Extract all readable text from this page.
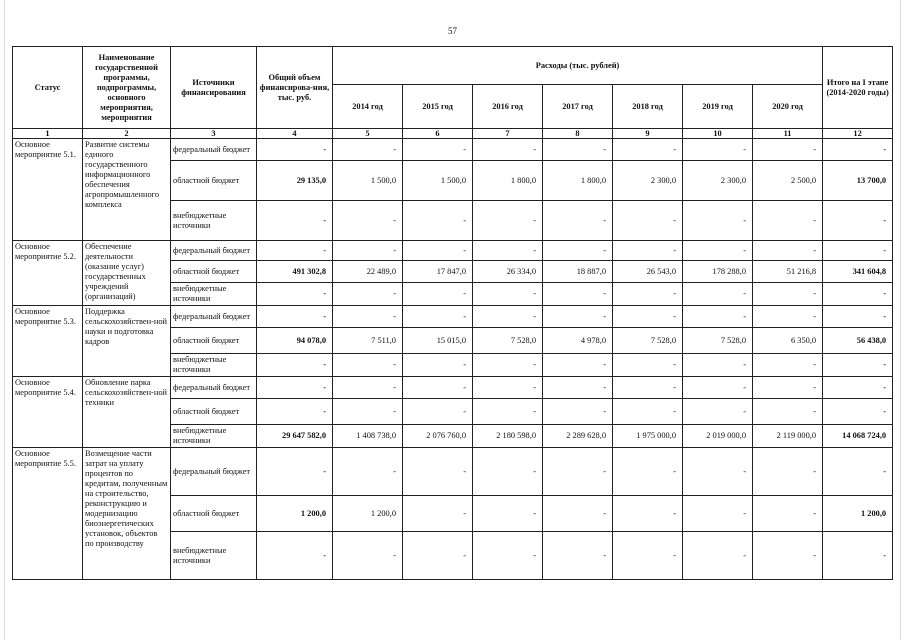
57
Статус	Наименование государственной программы, подпрограммы, основного мероприятия, мероприятия	Источники финансирования	Общий объем финансирова-ния, тыс. руб.	Расходы (тыс. рублей)							Итого на I этапе (2014-2020 годы)
				2014 год	2015 год	2016 год	2017 год	2018 год	2019 год	2020 год	
1	2	3	4	5	6	7	8	9	10	11	12
Основное мероприятие 5.1.	Развитие системы единого государственного информационного обеспечения агропромышленного комплекса	федеральный бюджет	-	-	-	-	-	-	-	-	-
		областной бюджет	29 135,0	1 500,0	1 500,0	1 800,0	1 800,0	2 300,0	2 300,0	2 500,0	13 700,0
		внебюджетные источники	-	-	-	-	-	-	-	-	-
Основное мероприятие 5.2.	Обеспечение деятельности (оказание услуг) государственных учреждений (организаций)	федеральный бюджет	-	-	-	-	-	-	-	-	-
		областной бюджет	491 302,8	22 489,0	17 847,0	26 334,0	18 887,0	26 543,0	178 288,0	51 216,8	341 604,8
		внебюджетные источники	-	-	-	-	-	-	-	-	-
Основное мероприятие 5.3.	Поддержка сельскохозяйствен-ной науки и подготовка кадров	федеральный бюджет	-	-	-	-	-	-	-	-	-
		областной бюджет	94 078,0	7 511,0	15 015,0	7 528,0	4 978,0	7 528,0	7 528,0	6 350,0	56 438,0
		внебюджетные источники	-	-	-	-	-	-	-	-	-
Основное мероприятие 5.4.	Обновление парка сельскохозяйствен-ной техники	федеральный бюджет	-	-	-	-	-	-	-	-	-
		областной бюджет	-	-	-	-	-	-	-	-	-
		внебюджетные источники	29 647 582,0	1 408 738,0	2 076 760,0	2 180 598,0	2 289 628,0	1 975 000,0	2 019 000,0	2 119 000,0	14 068 724,0
Основное мероприятие 5.5.	Возмещение части затрат на уплату процентов по кредитам, полученным на строительство, реконструкцию и модернизацию биоэнергетических установок, объектов по производству	федеральный бюджет	-	-	-	-	-	-	-	-	-
		областной бюджет	1 200,0	1 200,0	-	-	-	-	-	-	1 200,0
		внебюджетные источники	-	-	-	-	-	-	-	-	-
